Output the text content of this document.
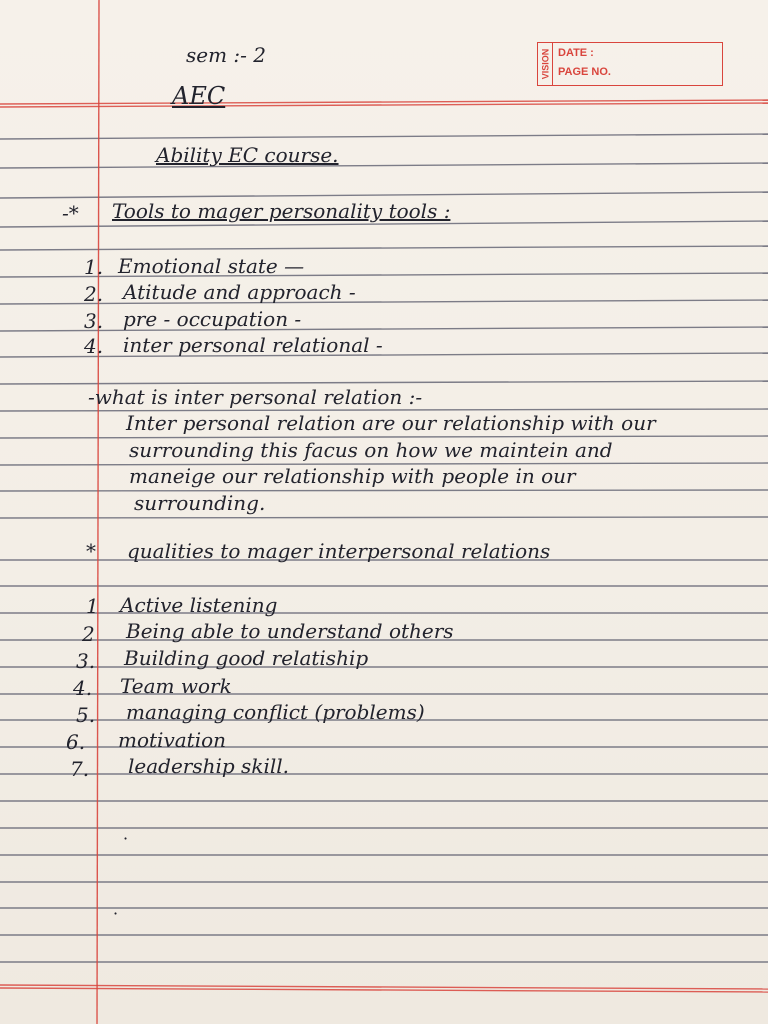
VISION DATE :
PAGE NO.
sem :- 2
AEC
Ability EC course.
-* Tools to mager personality tools :
1. Emotional state —
2. Atitude and approach -
3. pre - occupation -
4. inter personal relational -
-what is inter personal relation :-
Inter personal relation are our relationship with our
surrounding this facus on how we maintein and
maneige our relationship with people in our
surrounding.
* qualities to mager interpersonal relations
1 Active listening
2 Being able to understand others
3. Building good relatiship
4. Team work
5. managing conflict (problems)
6. motivation
7. leadership skill.
·
·
